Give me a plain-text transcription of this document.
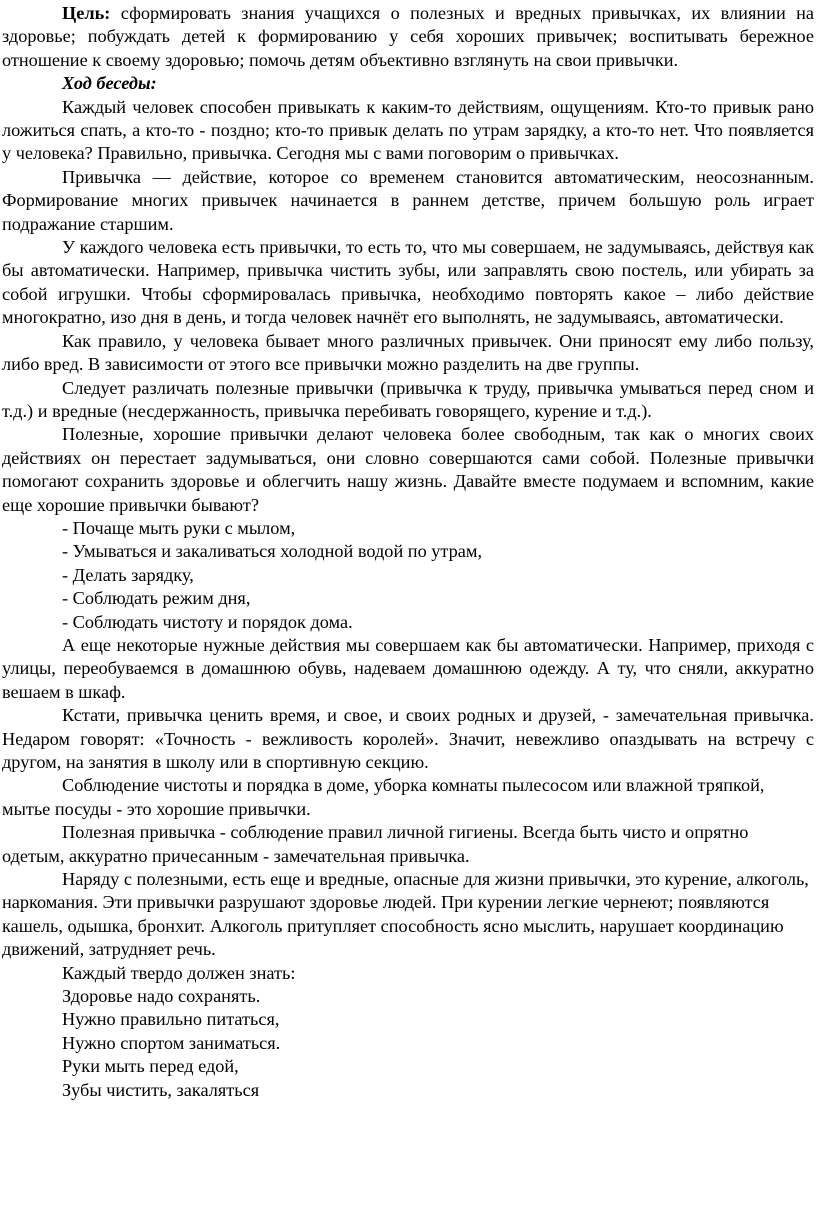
Цель: сформировать знания учащихся о полезных и вредных привычках, их влиянии на здоровье; побуждать детей к формированию у себя хороших привычек; воспитывать бережное отношение к своему здоровью; помочь детям объективно взглянуть на свои привычки.

Ход беседы:

Каждый человек способен привыкать к каким-то действиям, ощущениям. Кто-то привык рано ложиться спать, а кто-то - поздно; кто-то привык делать по утрам зарядку, а кто-то нет. Что появляется у человека? Правильно, привычка. Сегодня мы с вами поговорим о привычках.

Привычка — действие, которое со временем становится автоматическим, неосознанным. Формирование многих привычек начинается в раннем детстве, причем большую роль играет подражание старшим.

У каждого человека есть привычки, то есть то, что мы совершаем, не задумываясь, действуя как бы автоматически. Например, привычка чистить зубы, или заправлять свою постель, или убирать за собой игрушки. Чтобы сформировалась привычка, необходимо повторять какое – либо действие многократно, изо дня в день, и тогда человек начнёт его выполнять, не задумываясь, автоматически.

Как правило, у человека бывает много различных привычек. Они приносят ему либо пользу, либо вред. В зависимости от этого все привычки можно разделить на две группы.

Следует различать полезные привычки (привычка к труду, привычка умываться перед сном и т.д.) и вредные (несдержанность, привычка перебивать говорящего, курение и т.д.).

Полезные, хорошие привычки делают человека более свободным, так как о многих своих действиях он перестает задумываться, они словно совершаются сами собой. Полезные привычки помогают сохранить здоровье и облегчить нашу жизнь. Давайте вместе подумаем и вспомним, какие еще хорошие привычки бывают?

- Почаще мыть руки с мылом,

- Умываться и закаливаться холодной водой по утрам,

- Делать зарядку,

- Соблюдать режим дня,

- Соблюдать чистоту и порядок дома.

А еще некоторые нужные действия мы совершаем как бы автоматически. Например, приходя с улицы, переобуваемся в домашнюю обувь, надеваем домашнюю одежду. А ту, что сняли, аккуратно вешаем в шкаф.

Кстати, привычка ценить время, и свое, и своих родных и друзей, - замечательная привычка. Недаром говорят: «Точность - вежливость королей». Значит, невежливо опаздывать на встречу с другом, на занятия в школу или в спортивную секцию.

Соблюдение чистоты и порядка в доме, уборка комнаты пылесосом или влажной тряпкой, мытье посуды - это хорошие привычки.

Полезная привычка - соблюдение правил личной гигиены. Всегда быть чисто и опрятно одетым, аккуратно причесанным - замечательная привычка.

Наряду с полезными, есть еще и вредные, опасные для жизни привычки, это курение, алкоголь, наркомания. Эти привычки разрушают здоровье людей. При курении легкие чернеют; появляются кашель, одышка, бронхит. Алкоголь притупляет способность ясно мыслить, нарушает координацию движений, затрудняет речь.

Каждый твердо должен знать:

Здоровье надо сохранять.

Нужно правильно питаться,

Нужно спортом заниматься.

Руки мыть перед едой,

Зубы чистить, закаляться
